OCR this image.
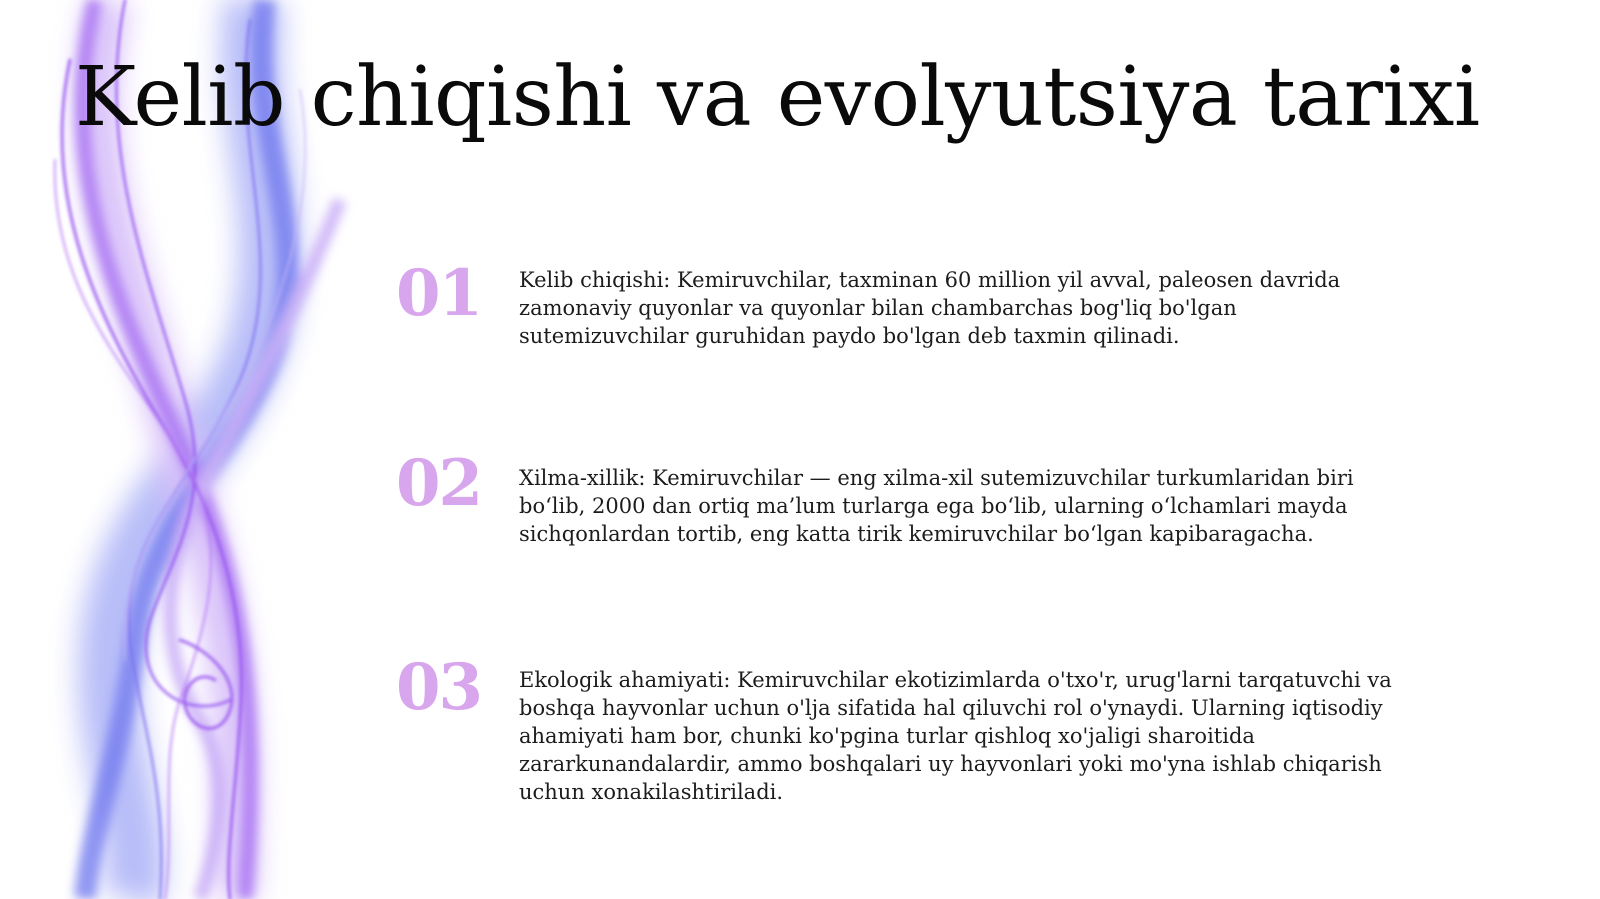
Kelib chiqishi va evolyutsiya tarixi
01 Kelib chiqishi: Kemiruvchilar, taxminan 60 million yil avval, paleosen davrida
zamonaviy quyonlar va quyonlar bilan chambarchas bog'liq bo'lgan
sutemizuvchilar guruhidan paydo bo'lgan deb taxmin qilinadi.

02 Xilma-xillik: Kemiruvchilar — eng xilma-xil sutemizuvchilar turkumlaridan biri
bo‘lib, 2000 dan ortiq ma’lum turlarga ega bo‘lib, ularning o‘lchamlari mayda
sichqonlardan tortib, eng katta tirik kemiruvchilar bo‘lgan kapibaragacha.

03 Ekologik ahamiyati: Kemiruvchilar ekotizimlarda o'txo'r, urug'larni tarqatuvchi va
boshqa hayvonlar uchun o'lja sifatida hal qiluvchi rol o'ynaydi. Ularning iqtisodiy
ahamiyati ham bor, chunki ko'pgina turlar qishloq xo'jaligi sharoitida
zararkunandalardir, ammo boshqalari uy hayvonlari yoki mo'yna ishlab chiqarish
uchun xonakilashtiriladi.
